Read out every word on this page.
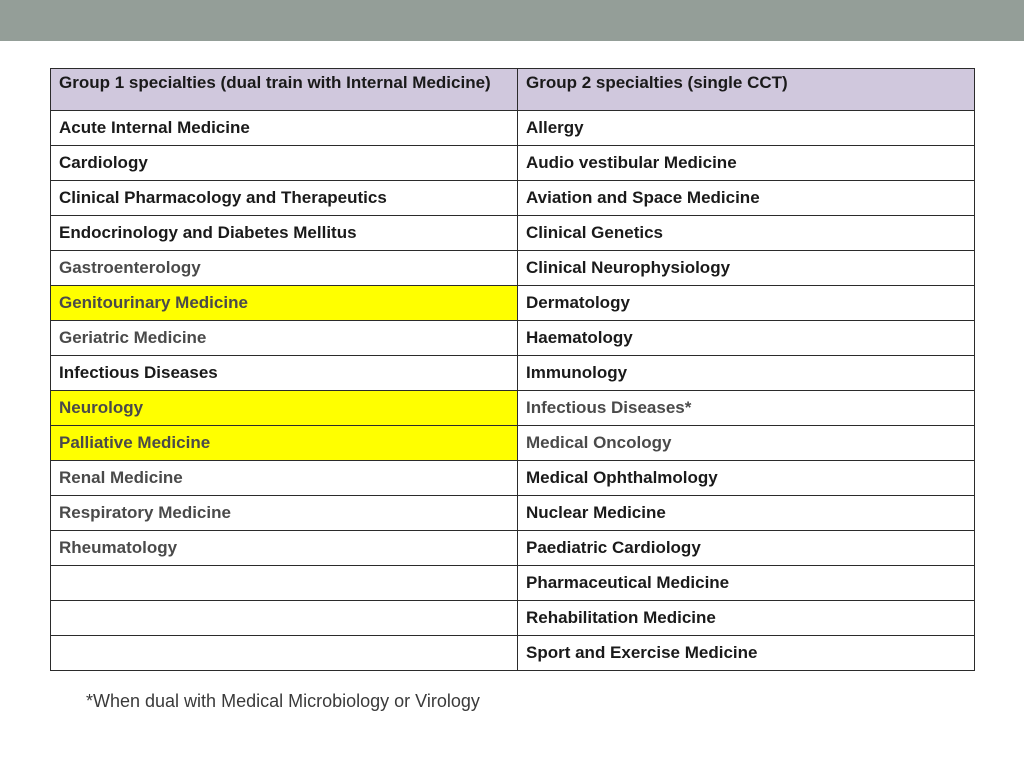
Group 1 specialties (dual train with Internal Medicine)	Group 2 specialties (single CCT)
Acute Internal Medicine	Allergy
Cardiology	Audio vestibular Medicine
Clinical Pharmacology and Therapeutics	Aviation and Space Medicine
Endocrinology and Diabetes Mellitus	Clinical Genetics
Gastroenterology	Clinical Neurophysiology
Genitourinary Medicine	Dermatology
Geriatric Medicine	Haematology
Infectious Diseases	Immunology
Neurology	Infectious Diseases*
Palliative Medicine	Medical Oncology
Renal Medicine	Medical Ophthalmology
Respiratory Medicine	Nuclear Medicine
Rheumatology	Paediatric Cardiology
	Pharmaceutical Medicine
	Rehabilitation Medicine
	Sport and Exercise Medicine
*When dual with Medical Microbiology or Virology
